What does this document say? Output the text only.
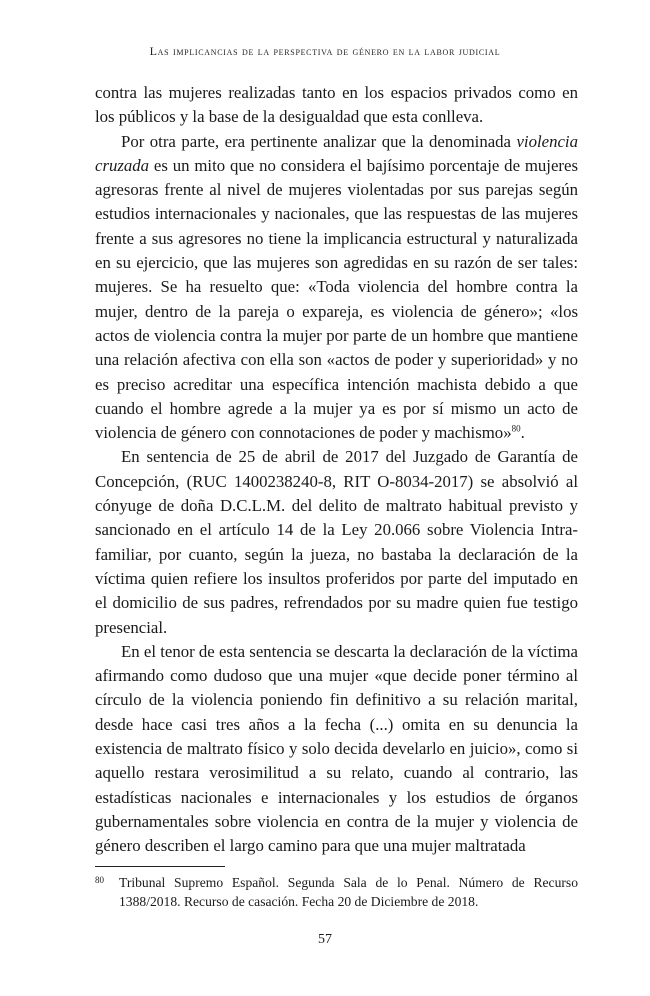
Las implicancias de la perspectiva de género en la labor judicial

contra las mujeres realizadas tanto en los espacios privados como en los públicos y la base de la desigualdad que esta conlleva.

Por otra parte, era pertinente analizar que la denominada violencia cruzada es un mito que no considera el bajísimo porcentaje de mujeres agresoras frente al nivel de mujeres violentadas por sus parejas según estudios internacionales y nacionales, que las respuestas de las mujeres frente a sus agresores no tiene la implicancia estructural y naturalizada en su ejercicio, que las mujeres son agredidas en su razón de ser tales: mujeres. Se ha resuelto que: «Toda violencia del hombre contra la mujer, dentro de la pareja o expareja, es violencia de género»; «los actos de violencia contra la mujer por parte de un hombre que mantiene una relación afectiva con ella son «actos de poder y superioridad» y no es preciso acreditar una específica intención machista debido a que cuando el hombre agrede a la mujer ya es por sí mismo un acto de violencia de género con connotaciones de poder y machismo»$^{80}$.

En sentencia de 25 de abril de 2017 del Juzgado de Garantía de Concepción, (RUC 1400238240-8, RIT O-8034-2017) se absolvió al cónyuge de doña D.C.L.M. del delito de maltrato habitual previsto y sancionado en el artículo 14 de la Ley 20.066 sobre Violencia Intrafamiliar, por cuanto, según la jueza, no bastaba la declaración de la víctima quien refiere los insultos proferidos por parte del imputado en el domicilio de sus padres, refrendados por su madre quien fue testigo presencial.

En el tenor de esta sentencia se descarta la declaración de la víctima afirmando como dudoso que una mujer «que decide poner término al círculo de la violencia poniendo fin definitivo a su relación marital, desde hace casi tres años a la fecha (...) omita en su denuncia la existencia de maltrato físico y solo decida develarlo en juicio», como si aquello restara verosimilitud a su relato, cuando al contrario, las estadísticas nacionales e internacionales y los estudios de órganos gubernamentales sobre violencia en contra de la mujer y violencia de género describen el largo camino para que una mujer maltratada

80	Tribunal Supremo Español. Segunda Sala de lo Penal. Número de Recurso 1388/2018. Recurso de casación. Fecha 20 de Diciembre de 2018.
57
